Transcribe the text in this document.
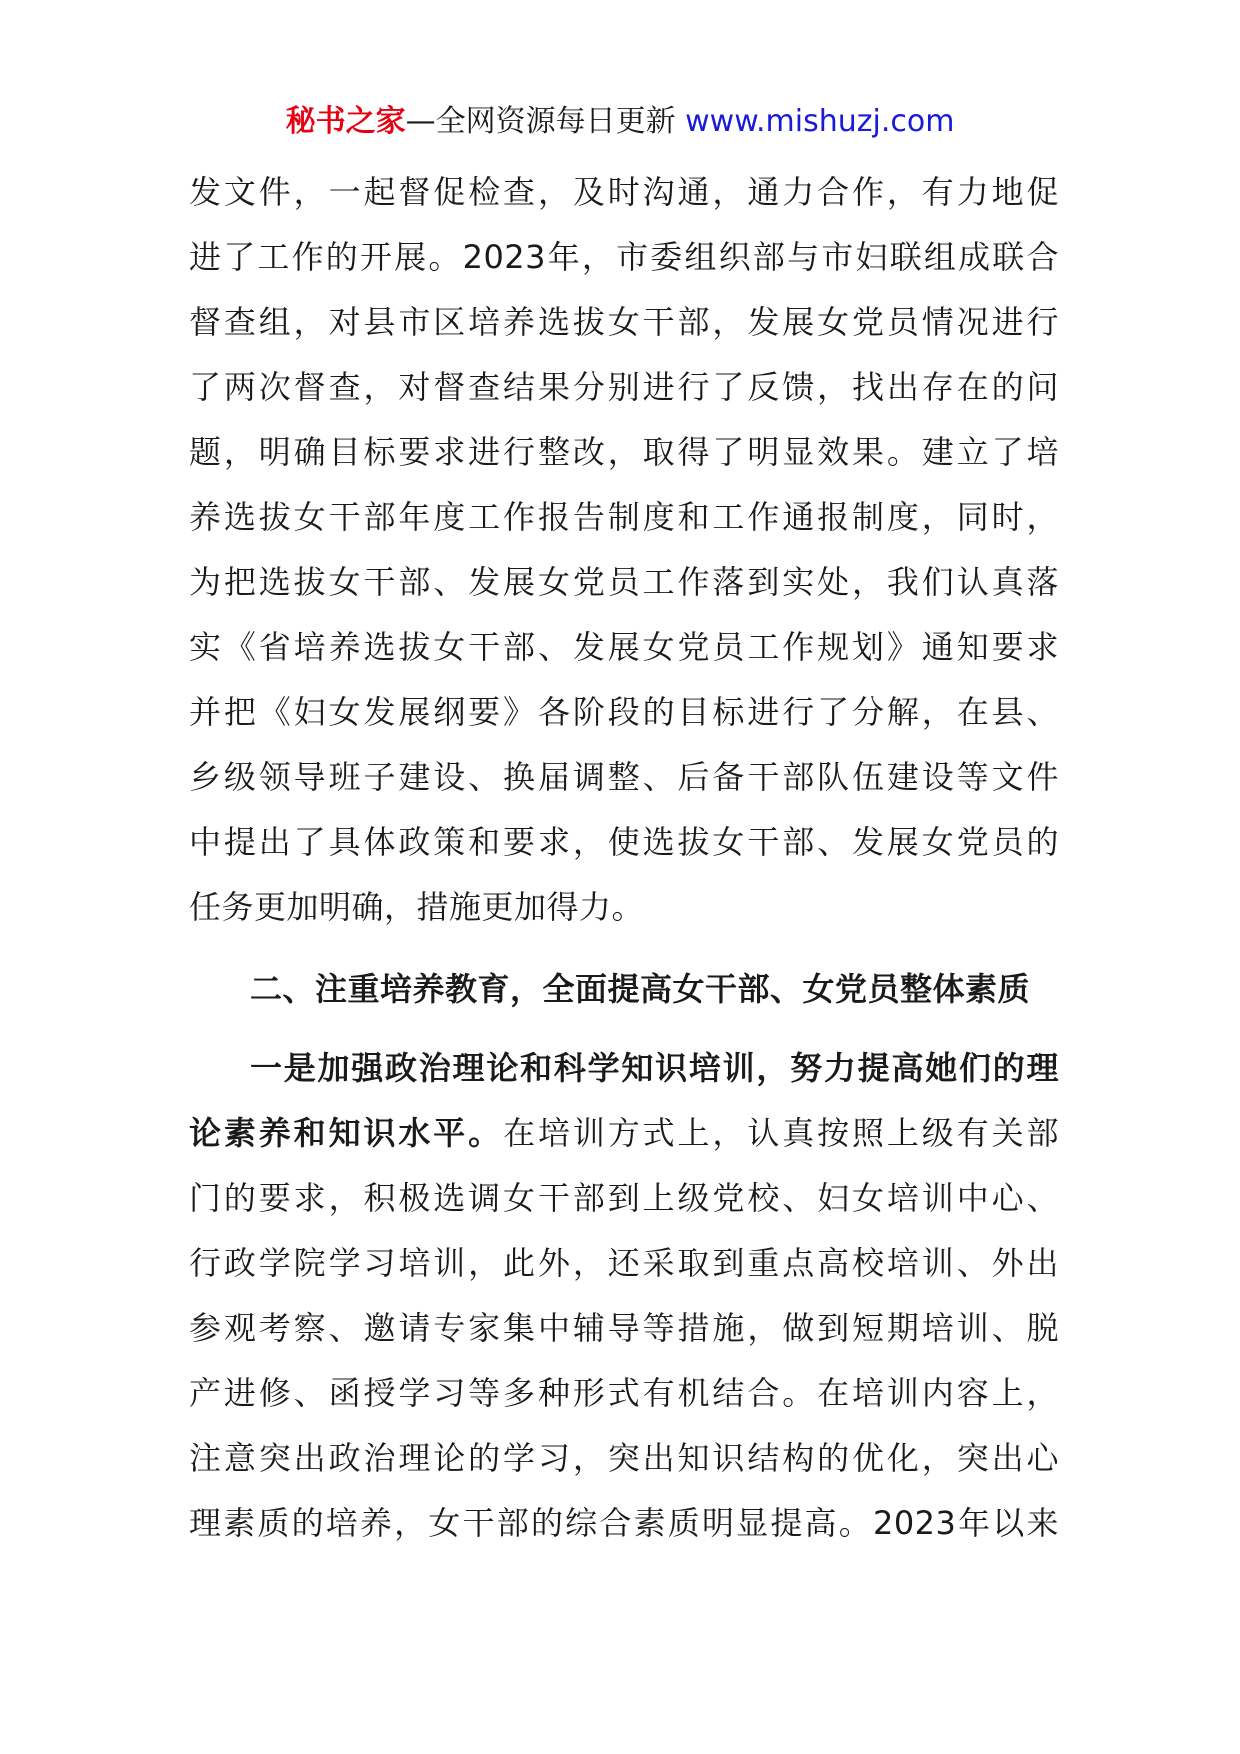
秘书之家—全网资源每日更新 www.mishuzj.com
发文件，一起督促检查，及时沟通，通力合作，有力地促
进了工作的开展。2023年，市委组织部与市妇联组成联合
督查组，对县市区培养选拔女干部，发展女党员情况进行
了两次督查，对督查结果分别进行了反馈，找出存在的问
题，明确目标要求进行整改，取得了明显效果。建立了培
养选拔女干部年度工作报告制度和工作通报制度，同时，
为把选拔女干部、发展女党员工作落到实处，我们认真落
实《省培养选拔女干部、发展女党员工作规划》通知要求
并把《妇女发展纲要》各阶段的目标进行了分解，在县、
乡级领导班子建设、换届调整、后备干部队伍建设等文件
中提出了具体政策和要求，使选拔女干部、发展女党员的
任务更加明确，措施更加得力。
二、注重培养教育，全面提高女干部、女党员整体素质
一是加强政治理论和科学知识培训，努力提高她们的理
论素养和知识水平。在培训方式上，认真按照上级有关部
门的要求，积极选调女干部到上级党校、妇女培训中心、
行政学院学习培训，此外，还采取到重点高校培训、外出
参观考察、邀请专家集中辅导等措施，做到短期培训、脱
产进修、函授学习等多种形式有机结合。在培训内容上，
注意突出政治理论的学习，突出知识结构的优化，突出心
理素质的培养，女干部的综合素质明显提高。2023年以来
